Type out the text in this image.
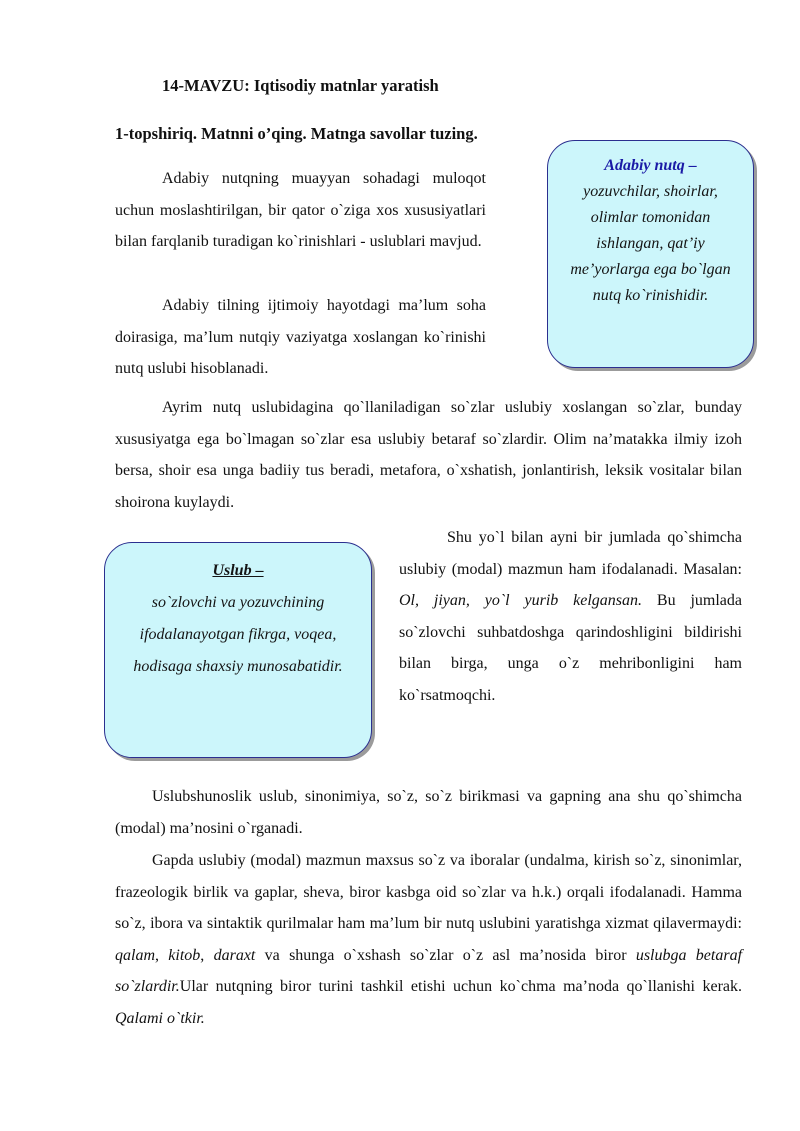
14-MAVZU: Iqtisodiy matnlar yaratish
1-topshiriq. Matnni o’qing. Matnga savollar tuzing.
Adabiy nutq –
yozuvchilar, shoirlar, olimlar tomonidan ishlangan, qat’iy me’yorlarga ega bo`lgan nutq ko`rinishidir.

Adabiy nutqning muayyan sohadagi muloqot uchun moslashtirilgan, bir qator o`ziga xos xususiyatlari bilan farqlanib turadigan ko`rinishlari - uslublari mavjud.

Adabiy tilning ijtimoiy hayotdagi ma’lum soha doirasiga, ma’lum nutqiy vaziyatga xoslangan ko`rinishi nutq uslubi hisoblanadi.

Ayrim nutq uslubidagina qo`llaniladigan so`zlar uslubiy xoslangan so`zlar, bunday xususiyatga ega bo`lmagan so`zlar esa uslubiy betaraf so`zlardir. Olim na’matakka ilmiy izoh bersa, shoir esa unga badiiy tus beradi, metafora, o`xshatish, jonlantirish, leksik vositalar bilan shoirona kuylaydi.

Uslub –
so`zlovchi va yozuvchining ifodalanayotgan fikrga, voqea, hodisaga shaxsiy munosabatidir.

Shu yo`l bilan ayni bir jumlada qo`shimcha uslubiy (modal) mazmun ham ifodalanadi. Masalan: Ol, jiyan, yo`l yurib kelgansan. Bu jumlada so`zlovchi suhbatdoshga qarindoshligini bildirishi bilan birga, unga o`z mehribonligini ham ko`rsatmoqchi.

Uslubshunoslik uslub, sinonimiya, so`z, so`z birikmasi va gapning ana shu qo`shimcha (modal) ma’nosini o`rganadi.

Gapda uslubiy (modal) mazmun maxsus so`z va iboralar (undalma, kirish so`z, sinonimlar, frazeologik birlik va gaplar, sheva, biror kasbga oid so`zlar va h.k.) orqali ifodalanadi. Hamma so`z, ibora va sintaktik qurilmalar ham ma’lum bir nutq uslubini yaratishga xizmat qilavermaydi: qalam, kitob, daraxt va shunga o`xshash so`zlar o`z asl ma’nosida biror uslubga betaraf so`zlardir.Ular nutqning biror turini tashkil etishi uchun ko`chma ma’noda qo`llanishi kerak. Qalami o`tkir.
